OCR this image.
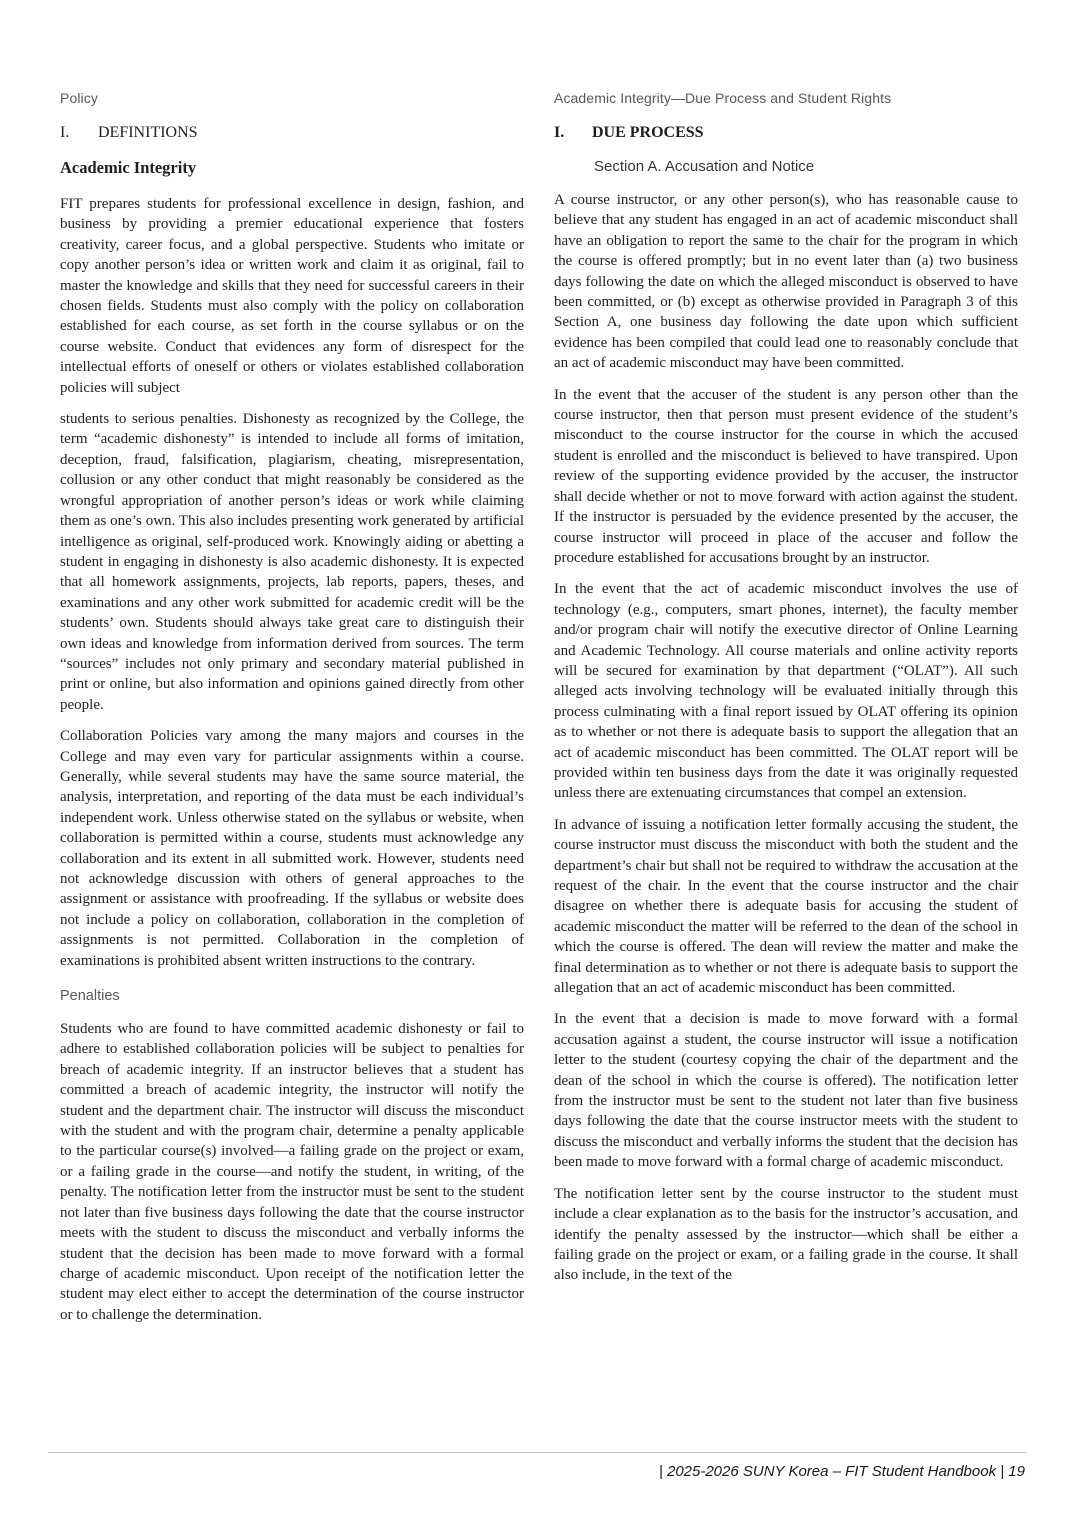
Policy
I. DEFINITIONS
Academic Integrity

FIT prepares students for professional excellence in design, fashion, and business by providing a premier educational experience that fosters creativity, career focus, and a global perspective. Students who imitate or copy another person’s idea or written work and claim it as original, fail to master the knowledge and skills that they need for successful careers in their chosen fields. Students must also comply with the policy on collaboration established for each course, as set forth in the course syllabus or on the course website. Conduct that evidences any form of disrespect for the intellectual efforts of oneself or others or violates established collaboration policies will subject

students to serious penalties. Dishonesty as recognized by the College, the term “academic dishonesty” is intended to include all forms of imitation, deception, fraud, falsification, plagiarism, cheating, misrepresentation, collusion or any other conduct that might reasonably be considered as the wrongful appropriation of another person’s ideas or work while claiming them as one’s own. This also includes presenting work generated by artificial intelligence as original, self-produced work. Knowingly aiding or abetting a student in engaging in dishonesty is also academic dishonesty. It is expected that all homework assignments, projects, lab reports, papers, theses, and examinations and any other work submitted for academic credit will be the students’ own. Students should always take great care to distinguish their own ideas and knowledge from information derived from sources. The term “sources” includes not only primary and secondary material published in print or online, but also information and opinions gained directly from other people.

Collaboration Policies vary among the many majors and courses in the College and may even vary for particular assignments within a course. Generally, while several students may have the same source material, the analysis, interpretation, and reporting of the data must be each individual’s independent work. Unless otherwise stated on the syllabus or website, when collaboration is permitted within a course, students must acknowledge any collaboration and its extent in all submitted work. However, students need not acknowledge discussion with others of general approaches to the assignment or assistance with proofreading. If the syllabus or website does not include a policy on collaboration, collaboration in the completion of assignments is not permitted. Collaboration in the completion of examinations is prohibited absent written instructions to the contrary.

Penalties

Students who are found to have committed academic dishonesty or fail to adhere to established collaboration policies will be subject to penalties for breach of academic integrity. If an instructor believes that a student has committed a breach of academic integrity, the instructor will notify the student and the department chair. The instructor will discuss the misconduct with the student and with the program chair, determine a penalty applicable to the particular course(s) involved—a failing grade on the project or exam, or a failing grade in the course—and notify the student, in writing, of the penalty. The notification letter from the instructor must be sent to the student not later than five business days following the date that the course instructor meets with the student to discuss the misconduct and verbally informs the student that the decision has been made to move forward with a formal charge of academic misconduct. Upon receipt of the notification letter the student may elect either to accept the determination of the course instructor or to challenge the determination.

Academic Integrity—Due Process and Student Rights
I. DUE PROCESS
Section A. Accusation and Notice

A course instructor, or any other person(s), who has reasonable cause to believe that any student has engaged in an act of academic misconduct shall have an obligation to report the same to the chair for the program in which the course is offered promptly; but in no event later than (a) two business days following the date on which the alleged misconduct is observed to have been committed, or (b) except as otherwise provided in Paragraph 3 of this Section A, one business day following the date upon which sufficient evidence has been compiled that could lead one to reasonably conclude that an act of academic misconduct may have been committed.

In the event that the accuser of the student is any person other than the course instructor, then that person must present evidence of the student’s misconduct to the course instructor for the course in which the accused student is enrolled and the misconduct is believed to have transpired. Upon review of the supporting evidence provided by the accuser, the instructor shall decide whether or not to move forward with action against the student. If the instructor is persuaded by the evidence presented by the accuser, the course instructor will proceed in place of the accuser and follow the procedure established for accusations brought by an instructor.

In the event that the act of academic misconduct involves the use of technology (e.g., computers, smart phones, internet), the faculty member and/or program chair will notify the executive director of Online Learning and Academic Technology. All course materials and online activity reports will be secured for examination by that department (“OLAT”). All such alleged acts involving technology will be evaluated initially through this process culminating with a final report issued by OLAT offering its opinion as to whether or not there is adequate basis to support the allegation that an act of academic misconduct has been committed. The OLAT report will be provided within ten business days from the date it was originally requested unless there are extenuating circumstances that compel an extension.

In advance of issuing a notification letter formally accusing the student, the course instructor must discuss the misconduct with both the student and the department’s chair but shall not be required to withdraw the accusation at the request of the chair. In the event that the course instructor and the chair disagree on whether there is adequate basis for accusing the student of academic misconduct the matter will be referred to the dean of the school in which the course is offered. The dean will review the matter and make the final determination as to whether or not there is adequate basis to support the allegation that an act of academic misconduct has been committed.

In the event that a decision is made to move forward with a formal accusation against a student, the course instructor will issue a notification letter to the student (courtesy copying the chair of the department and the dean of the school in which the course is offered). The notification letter from the instructor must be sent to the student not later than five business days following the date that the course instructor meets with the student to discuss the misconduct and verbally informs the student that the decision has been made to move forward with a formal charge of academic misconduct.

The notification letter sent by the course instructor to the student must include a clear explanation as to the basis for the instructor’s accusation, and identify the penalty assessed by the instructor—which shall be either a failing grade on the project or exam, or a failing grade in the course. It shall also include, in the text of the

| 2025-2026 SUNY Korea – FIT Student Handbook | 19
